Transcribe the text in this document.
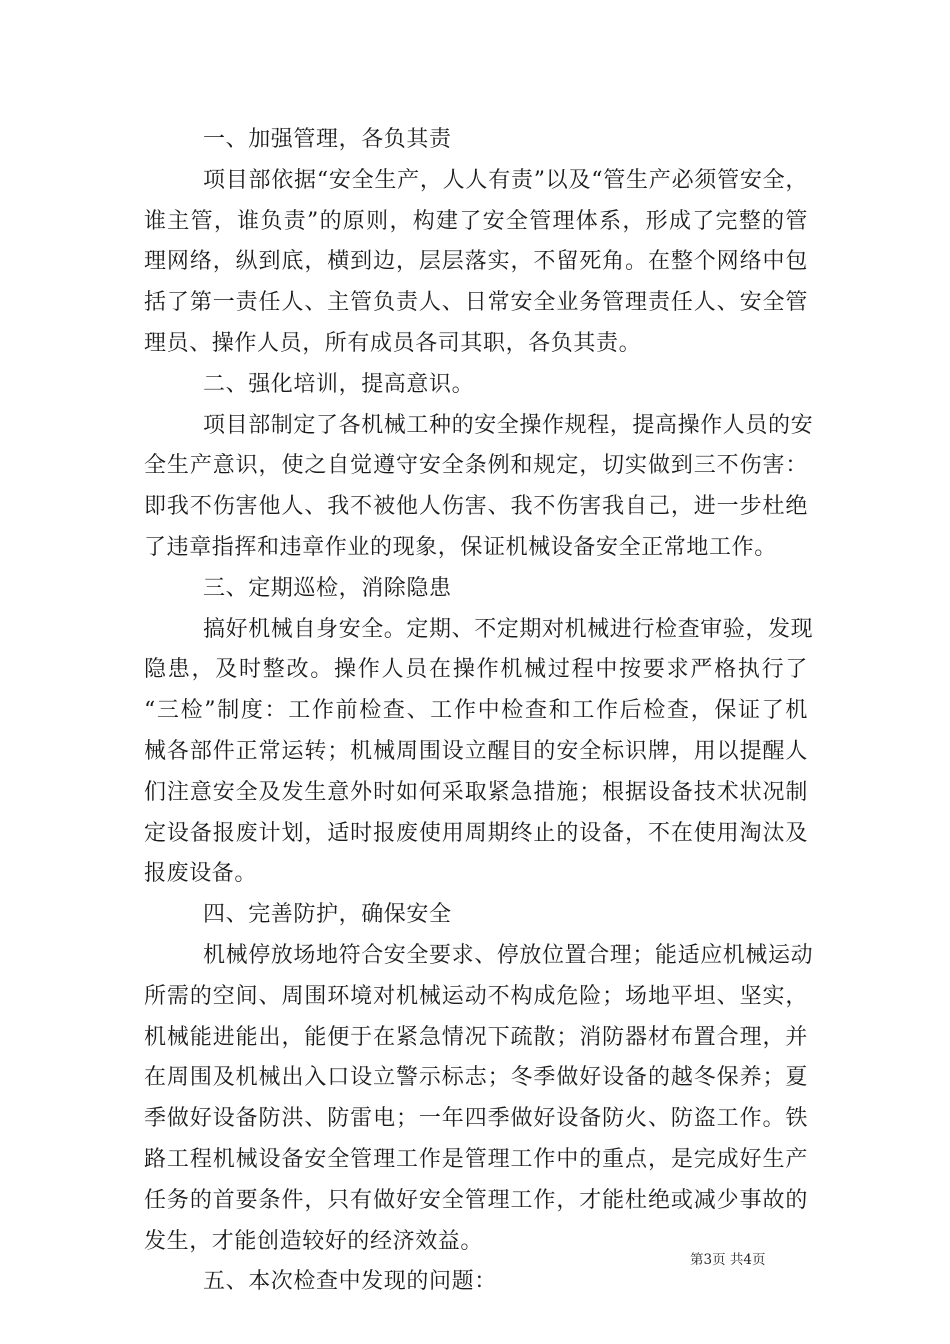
一、加强管理，各负其责
项目部依据“安全生产，人人有责”以及“管生产必须管安全，
谁主管，谁负责”的原则，构建了安全管理体系，形成了完整的管
理网络，纵到底，横到边，层层落实，不留死角。在整个网络中包
括了第一责任人、主管负责人、日常安全业务管理责任人、安全管
理员、操作人员，所有成员各司其职，各负其责。
二、强化培训，提高意识。
项目部制定了各机械工种的安全操作规程，提高操作人员的安
全生产意识，使之自觉遵守安全条例和规定，切实做到三不伤害：
即我不伤害他人、我不被他人伤害、我不伤害我自己，进一步杜绝
了违章指挥和违章作业的现象，保证机械设备安全正常地工作。
三、定期巡检，消除隐患
搞好机械自身安全。定期、不定期对机械进行检查审验，发现
隐患，及时整改。操作人员在操作机械过程中按要求严格执行了
“三检”制度：工作前检查、工作中检查和工作后检查，保证了机
械各部件正常运转；机械周围设立醒目的安全标识牌，用以提醒人
们注意安全及发生意外时如何采取紧急措施；根据设备技术状况制
定设备报废计划，适时报废使用周期终止的设备，不在使用淘汰及
报废设备。
四、完善防护，确保安全
机械停放场地符合安全要求、停放位置合理；能适应机械运动
所需的空间、周围环境对机械运动不构成危险；场地平坦、坚实，
机械能进能出，能便于在紧急情况下疏散；消防器材布置合理，并
在周围及机械出入口设立警示标志；冬季做好设备的越冬保养；夏
季做好设备防洪、防雷电；一年四季做好设备防火、防盗工作。铁
路工程机械设备安全管理工作是管理工作中的重点，是完成好生产
任务的首要条件，只有做好安全管理工作，才能杜绝或减少事故的
发生，才能创造较好的经济效益。
五、本次检查中发现的问题：
第3页 共4页
